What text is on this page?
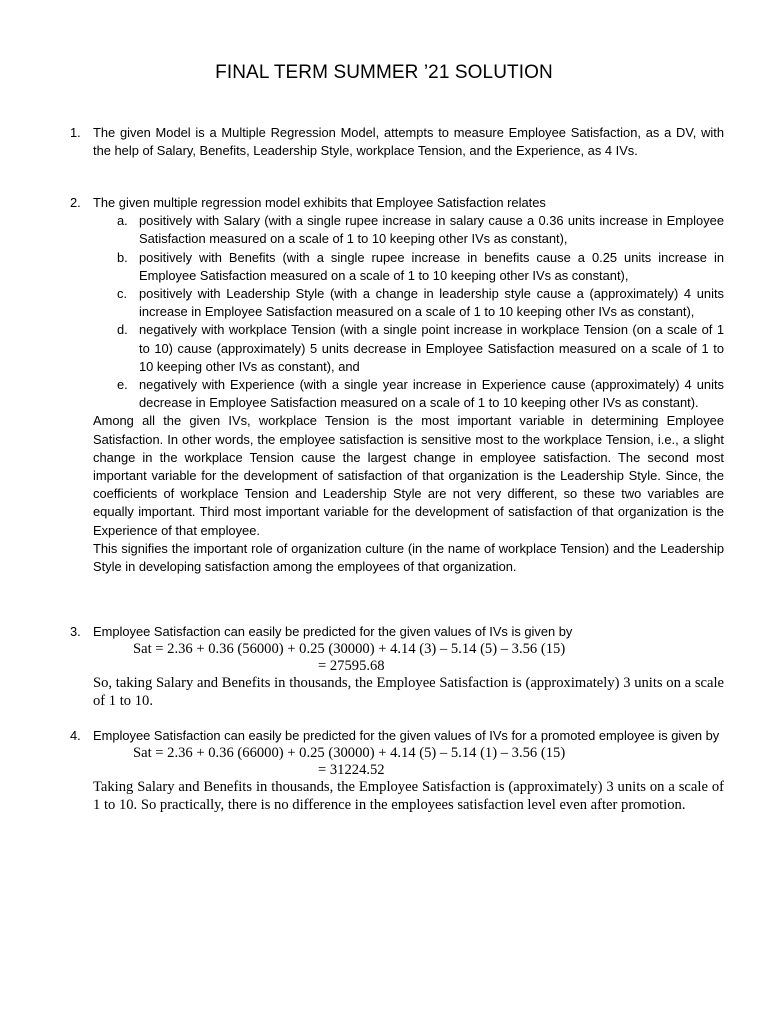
FINAL TERM SUMMER ’21 SOLUTION
1. The given Model is a Multiple Regression Model, attempts to measure Employee Satisfaction, as a DV, with the help of Salary, Benefits, Leadership Style, workplace Tension, and the Experience, as 4 IVs.
2. The given multiple regression model exhibits that Employee Satisfaction relates
a. positively with Salary (with a single rupee increase in salary cause a 0.36 units increase in Employee Satisfaction measured on a scale of 1 to 10 keeping other IVs as constant),
b. positively with Benefits (with a single rupee increase in benefits cause a 0.25 units increase in Employee Satisfaction measured on a scale of 1 to 10 keeping other IVs as constant),
c. positively with Leadership Style (with a change in leadership style cause a (approximately) 4 units increase in Employee Satisfaction measured on a scale of 1 to 10 keeping other IVs as constant),
d. negatively with workplace Tension (with a single point increase in workplace Tension (on a scale of 1 to 10) cause (approximately) 5 units decrease in Employee Satisfaction measured on a scale of 1 to 10 keeping other IVs as constant), and
e. negatively with Experience (with a single year increase in Experience cause (approximately) 4 units decrease in Employee Satisfaction measured on a scale of 1 to 10 keeping other IVs as constant).
Among all the given IVs, workplace Tension is the most important variable in determining Employee Satisfaction. In other words, the employee satisfaction is sensitive most to the workplace Tension, i.e., a slight change in the workplace Tension cause the largest change in employee satisfaction. The second most important variable for the development of satisfaction of that organization is the Leadership Style. Since, the coefficients of workplace Tension and Leadership Style are not very different, so these two variables are equally important. Third most important variable for the development of satisfaction of that organization is the Experience of that employee.
This signifies the important role of organization culture (in the name of workplace Tension) and the Leadership Style in developing satisfaction among the employees of that organization.
3. Employee Satisfaction can easily be predicted for the given values of IVs is given by
Sat = 2.36 + 0.36 (56000) + 0.25 (30000) + 4.14 (3) – 5.14 (5) – 3.56 (15)
= 27595.68
So, taking Salary and Benefits in thousands, the Employee Satisfaction is (approximately) 3 units on a scale of 1 to 10.
4. Employee Satisfaction can easily be predicted for the given values of IVs for a promoted employee is given by
Sat = 2.36 + 0.36 (66000) + 0.25 (30000) + 4.14 (5) – 5.14 (1) – 3.56 (15)
= 31224.52
Taking Salary and Benefits in thousands, the Employee Satisfaction is (approximately) 3 units on a scale of 1 to 10. So practically, there is no difference in the employees satisfaction level even after promotion.
